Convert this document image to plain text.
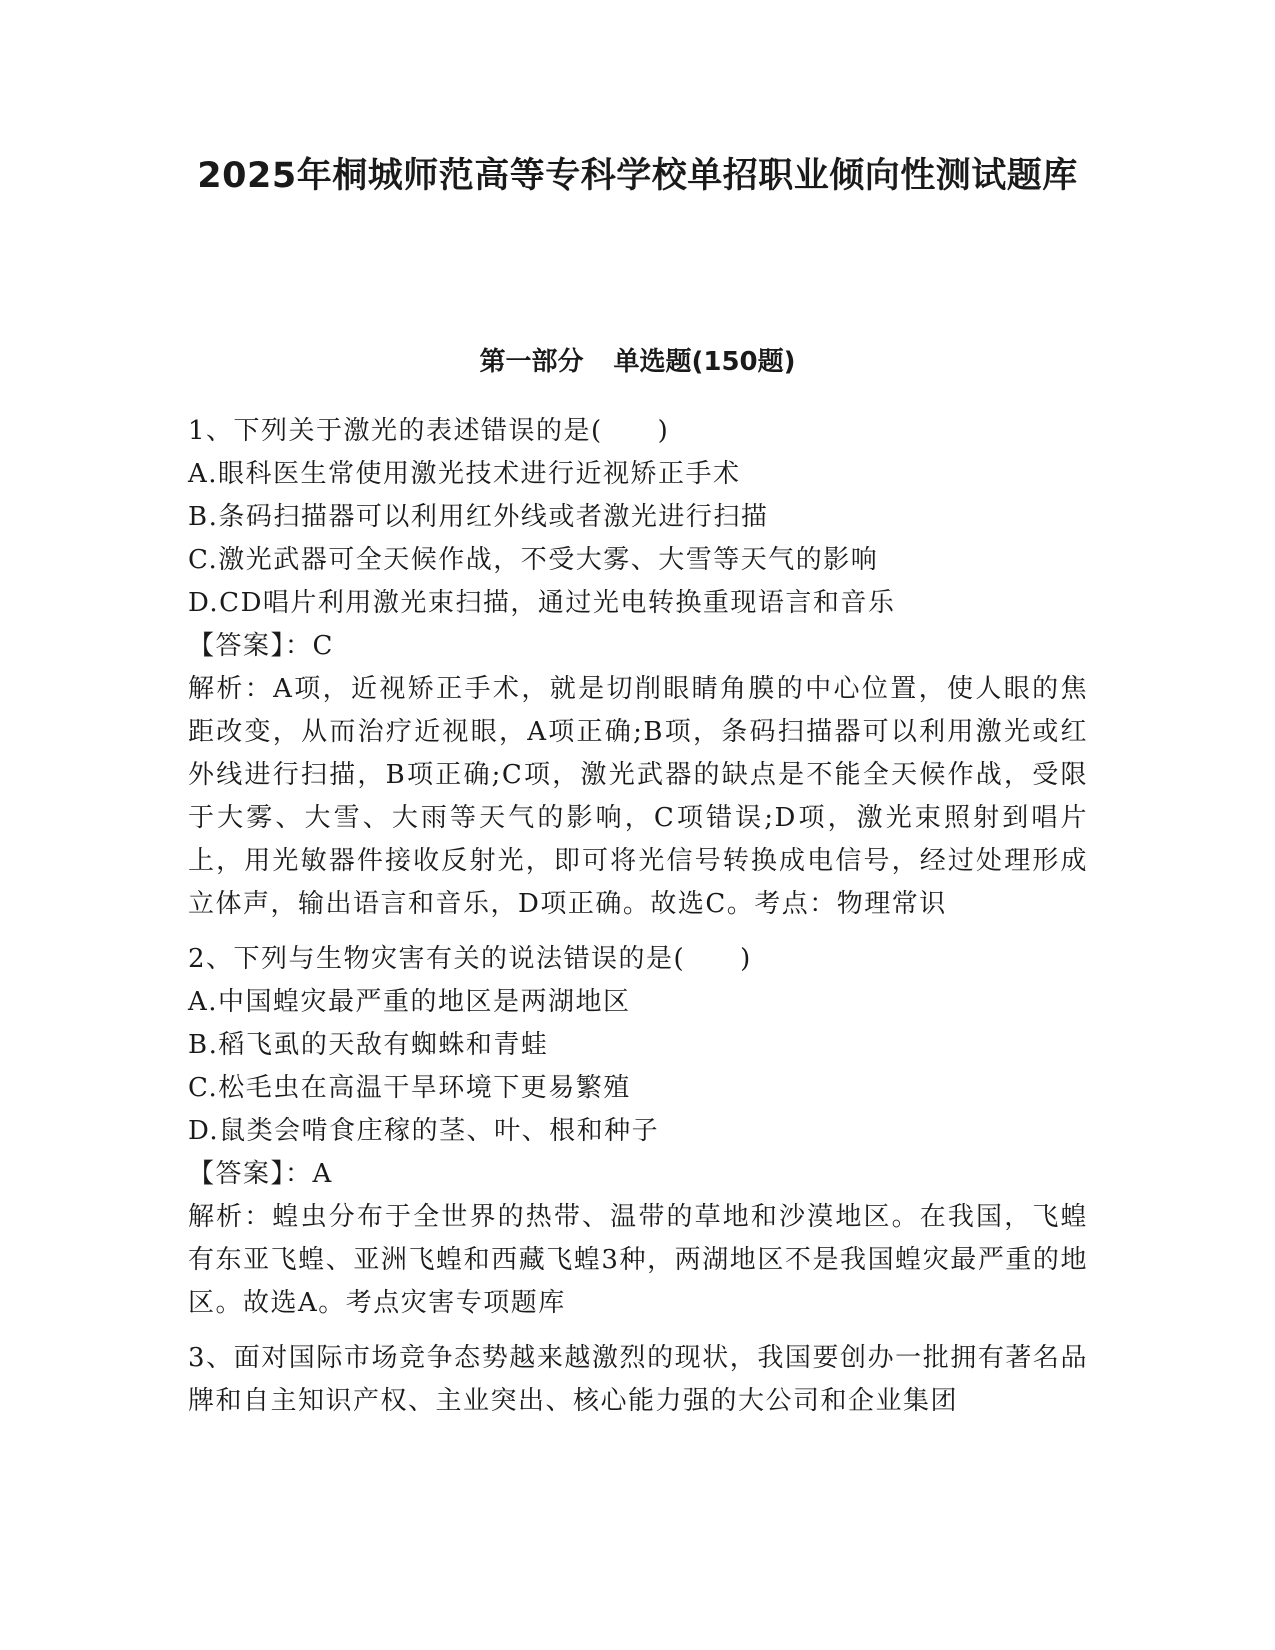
2025年桐城师范高等专科学校单招职业倾向性测试题库
第一部分 单选题(150题)

1、下列关于激光的表述错误的是(　　)

A.眼科医生常使用激光技术进行近视矫正手术

B.条码扫描器可以利用红外线或者激光进行扫描

C.激光武器可全天候作战，不受大雾、大雪等天气的影响

D.CD唱片利用激光束扫描，通过光电转换重现语言和音乐

【答案】：C

解析：A项，近视矫正手术，就是切削眼睛角膜的中心位置，使人眼的焦距改变，从而治疗近视眼，A项正确;B项，条码扫描器可以利用激光或红外线进行扫描，B项正确;C项，激光武器的缺点是不能全天候作战，受限于大雾、大雪、大雨等天气的影响，C项错误;D项，激光束照射到唱片上，用光敏器件接收反射光，即可将光信号转换成电信号，经过处理形成立体声，输出语言和音乐，D项正确。故选C。考点：物理常识

2、下列与生物灾害有关的说法错误的是(　　)

A.中国蝗灾最严重的地区是两湖地区

B.稻飞虱的天敌有蜘蛛和青蛙

C.松毛虫在高温干旱环境下更易繁殖

D.鼠类会啃食庄稼的茎、叶、根和种子

【答案】：A

解析：蝗虫分布于全世界的热带、温带的草地和沙漠地区。在我国，飞蝗有东亚飞蝗、亚洲飞蝗和西藏飞蝗3种，两湖地区不是我国蝗灾最严重的地区。故选A。考点灾害专项题库

3、面对国际市场竞争态势越来越激烈的现状，我国要创办一批拥有著名品牌和自主知识产权、主业突出、核心能力强的大公司和企业集团
